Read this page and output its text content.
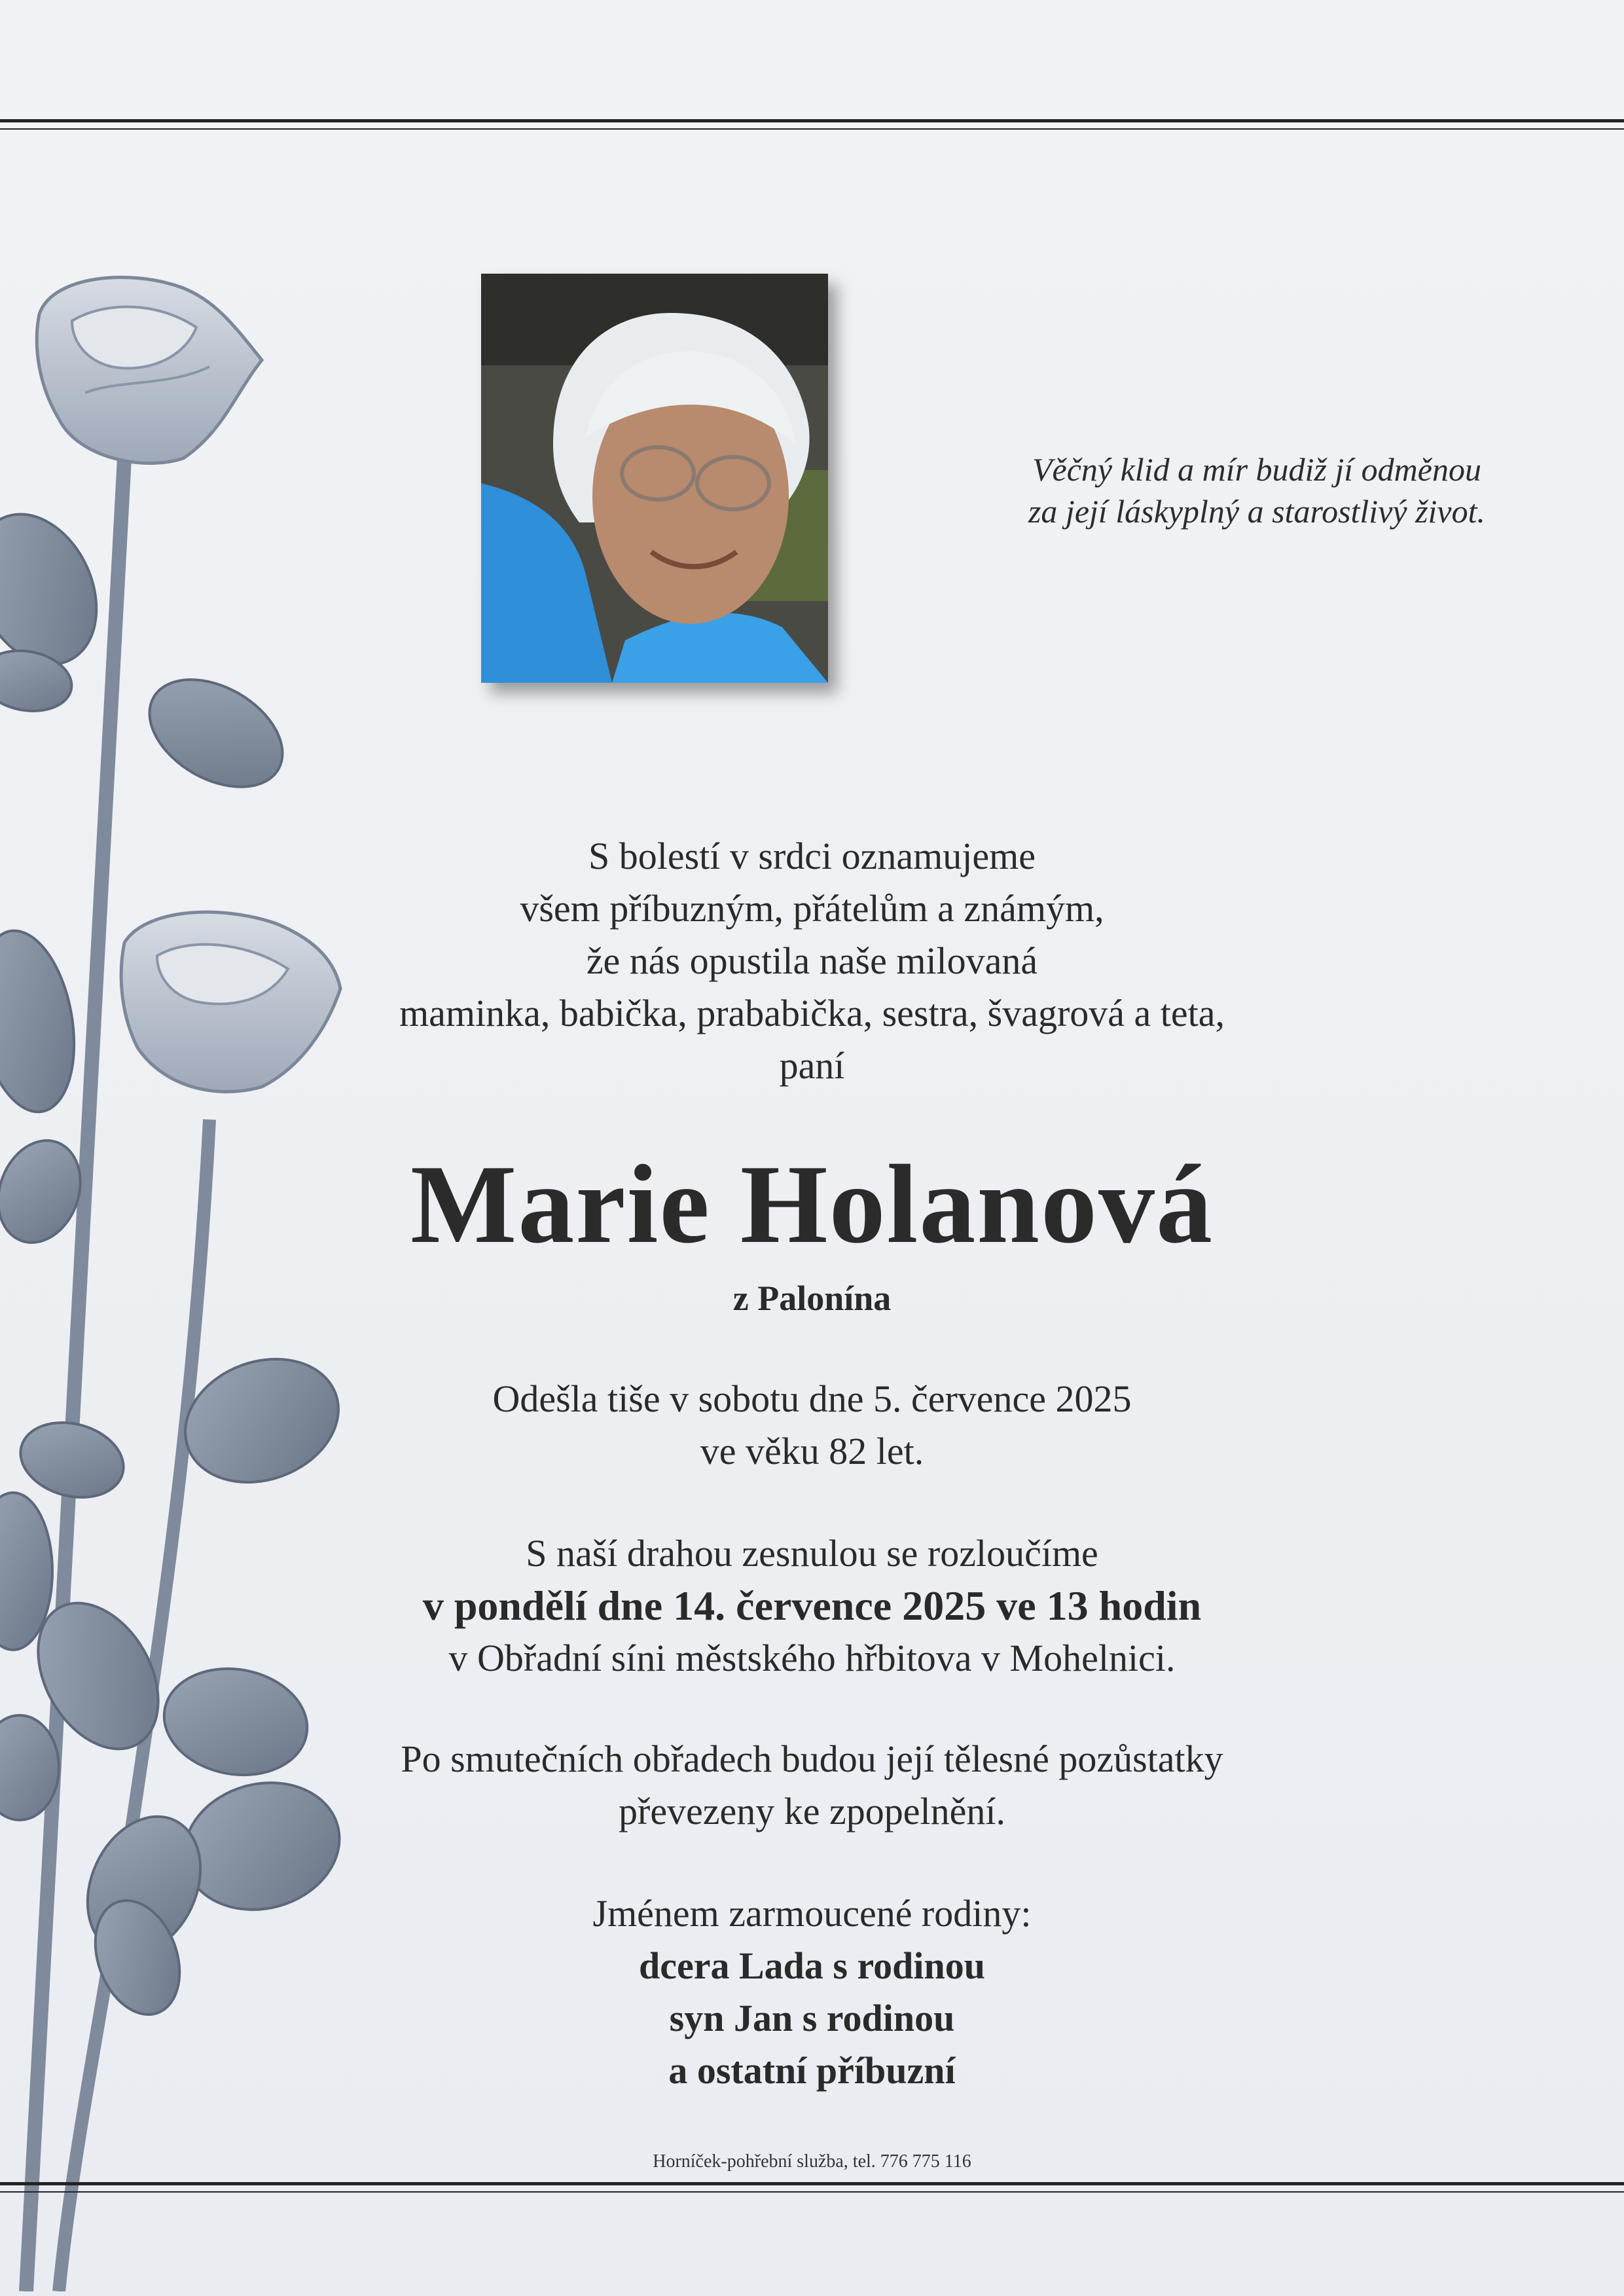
Věčný klid a mír budiž jí odměnou
za její láskyplný a starostlivý život.
S bolestí v srdci oznamujeme
všem příbuzným, přátelům a známým,
že nás opustila naše milovaná
maminka, babička, prababička, sestra, švagrová a teta,
paní
Marie Holanová
z Palonína
Odešla tiše v sobotu dne 5. července 2025
ve věku 82 let.
S naší drahou zesnulou se rozloučíme
v pondělí dne 14. července 2025 ve 13 hodin
v Obřadní síni městského hřbitova v Mohelnici.
Po smutečních obřadech budou její tělesné pozůstatky
převezeny ke zpopelnění.
Jménem zarmoucené rodiny:
dcera Lada s rodinou
syn Jan s rodinou
a ostatní příbuzní
Horníček-pohřební služba, tel. 776 775 116
